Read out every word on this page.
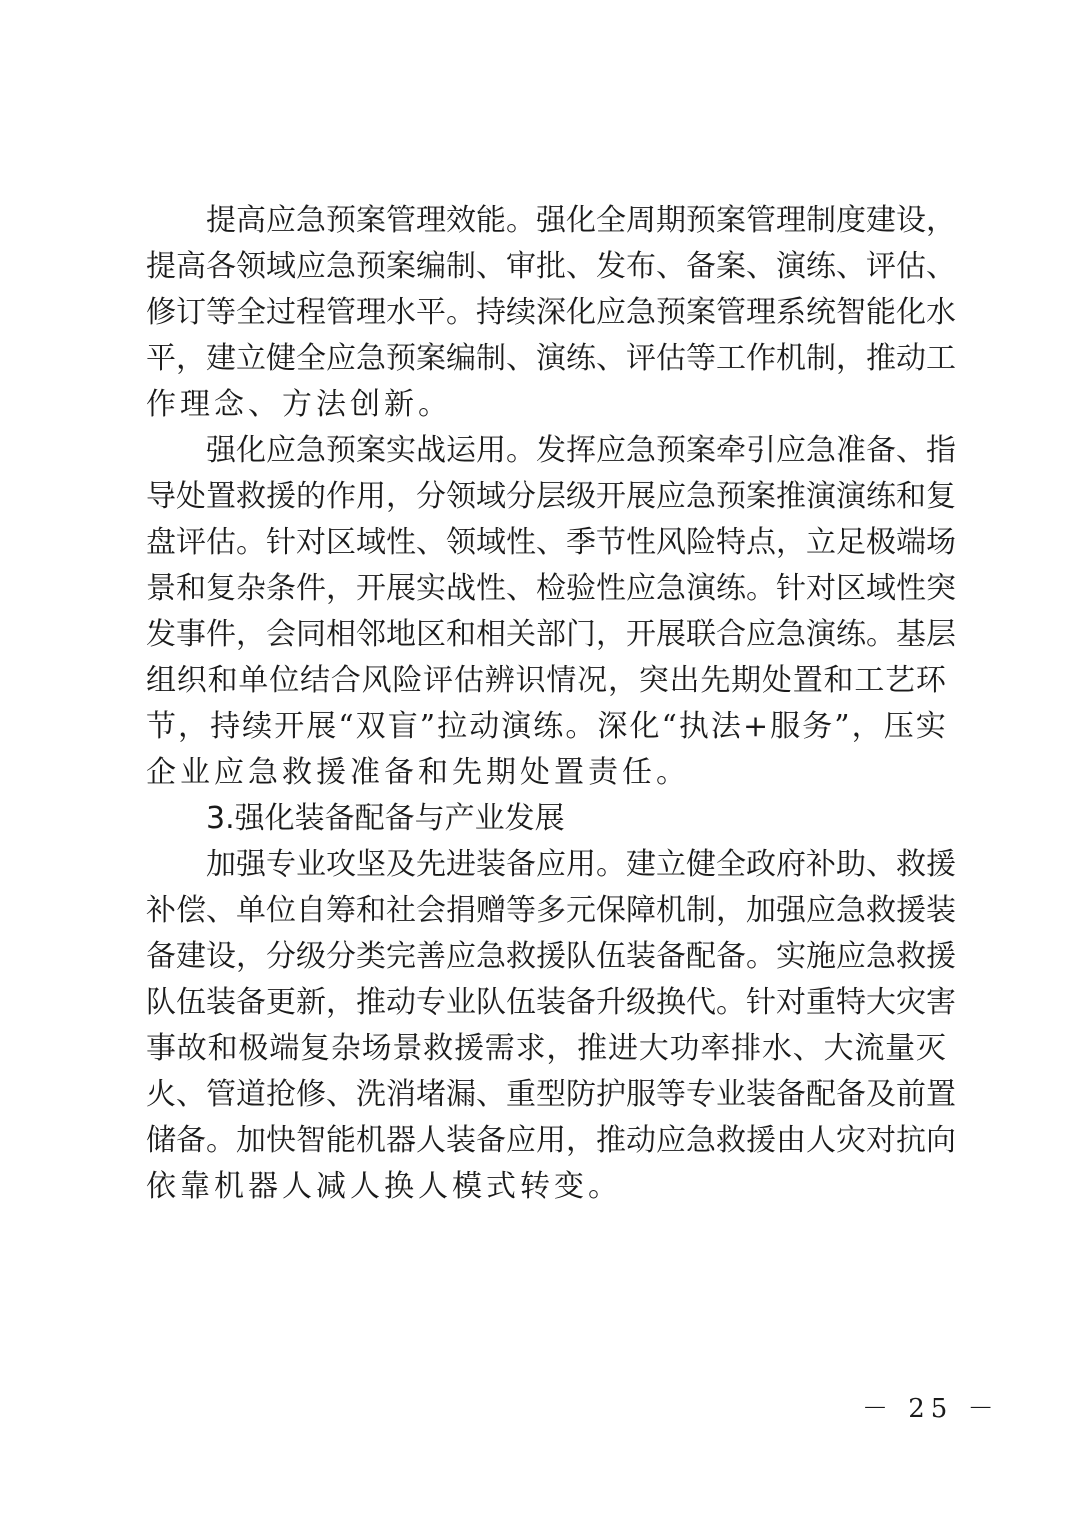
提 高 应 急 预 案 管 理 效 能 。 强 化 全 周 期 预 案 管 理 制 度 建 设 ，
提 高 各 领 域 应 急 预 案 编 制 、 审 批 、 发 布 、 备 案 、 演 练 、 评 估 、
修 订 等 全 过 程 管 理 水 平 。 持 续 深 化 应 急 预 案 管 理 系 统 智 能 化 水
平 ， 建 立 健 全 应 急 预 案 编 制 、 演 练 、 评 估 等 工 作 机 制 ， 推 动 工
作理念、方法创新。
强 化 应 急 预 案 实 战 运 用 。 发 挥 应 急 预 案 牵 引 应 急 准 备 、 指
导 处 置 救 援 的 作 用 ， 分 领 域 分 层 级 开 展 应 急 预 案 推 演 演 练 和 复
盘 评 估 。 针 对 区 域 性 、 领 域 性 、 季 节 性 风 险 特 点 ， 立 足 极 端 场
景 和 复 杂 条 件 ， 开 展 实 战 性 、 检 验 性 应 急 演 练 。 针 对 区 域 性 突
发 事 件 ， 会 同 相 邻 地 区 和 相 关 部 门 ， 开 展 联 合 应 急 演 练 。 基 层
组 织 和 单 位 结 合 风 险 评 估 辨 识 情 况 ， 突 出 先 期 处 置 和 工 艺 环
节 ， 持 续 开 展 “ 双 盲 ” 拉 动 演 练 。 深 化 “ 执 法 + 服 务 ” ， 压 实
企业应急救援准备和先期处置责任。
3.强化装备配备与产业发展
加 强 专 业 攻 坚 及 先 进 装 备 应 用 。 建 立 健 全 政 府 补 助 、 救 援
补 偿 、 单 位 自 筹 和 社 会 捐 赠 等 多 元 保 障 机 制 ， 加 强 应 急 救 援 装
备 建 设 ， 分 级 分 类 完 善 应 急 救 援 队 伍 装 备 配 备 。 实 施 应 急 救 援
队 伍 装 备 更 新 ， 推 动 专 业 队 伍 装 备 升 级 换 代 。 针 对 重 特 大 灾 害
事 故 和 极 端 复 杂 场 景 救 援 需 求 ， 推 进 大 功 率 排 水 、 大 流 量 灭
火 、 管 道 抢 修 、 洗 消 堵 漏 、 重 型 防 护 服 等 专 业 装 备 配 备 及 前 置
储 备 。 加 快 智 能 机 器 人 装 备 应 用 ， 推 动 应 急 救 援 由 人 灾 对 抗 向
依靠机器人减人换人模式转变。
－ 25 －
